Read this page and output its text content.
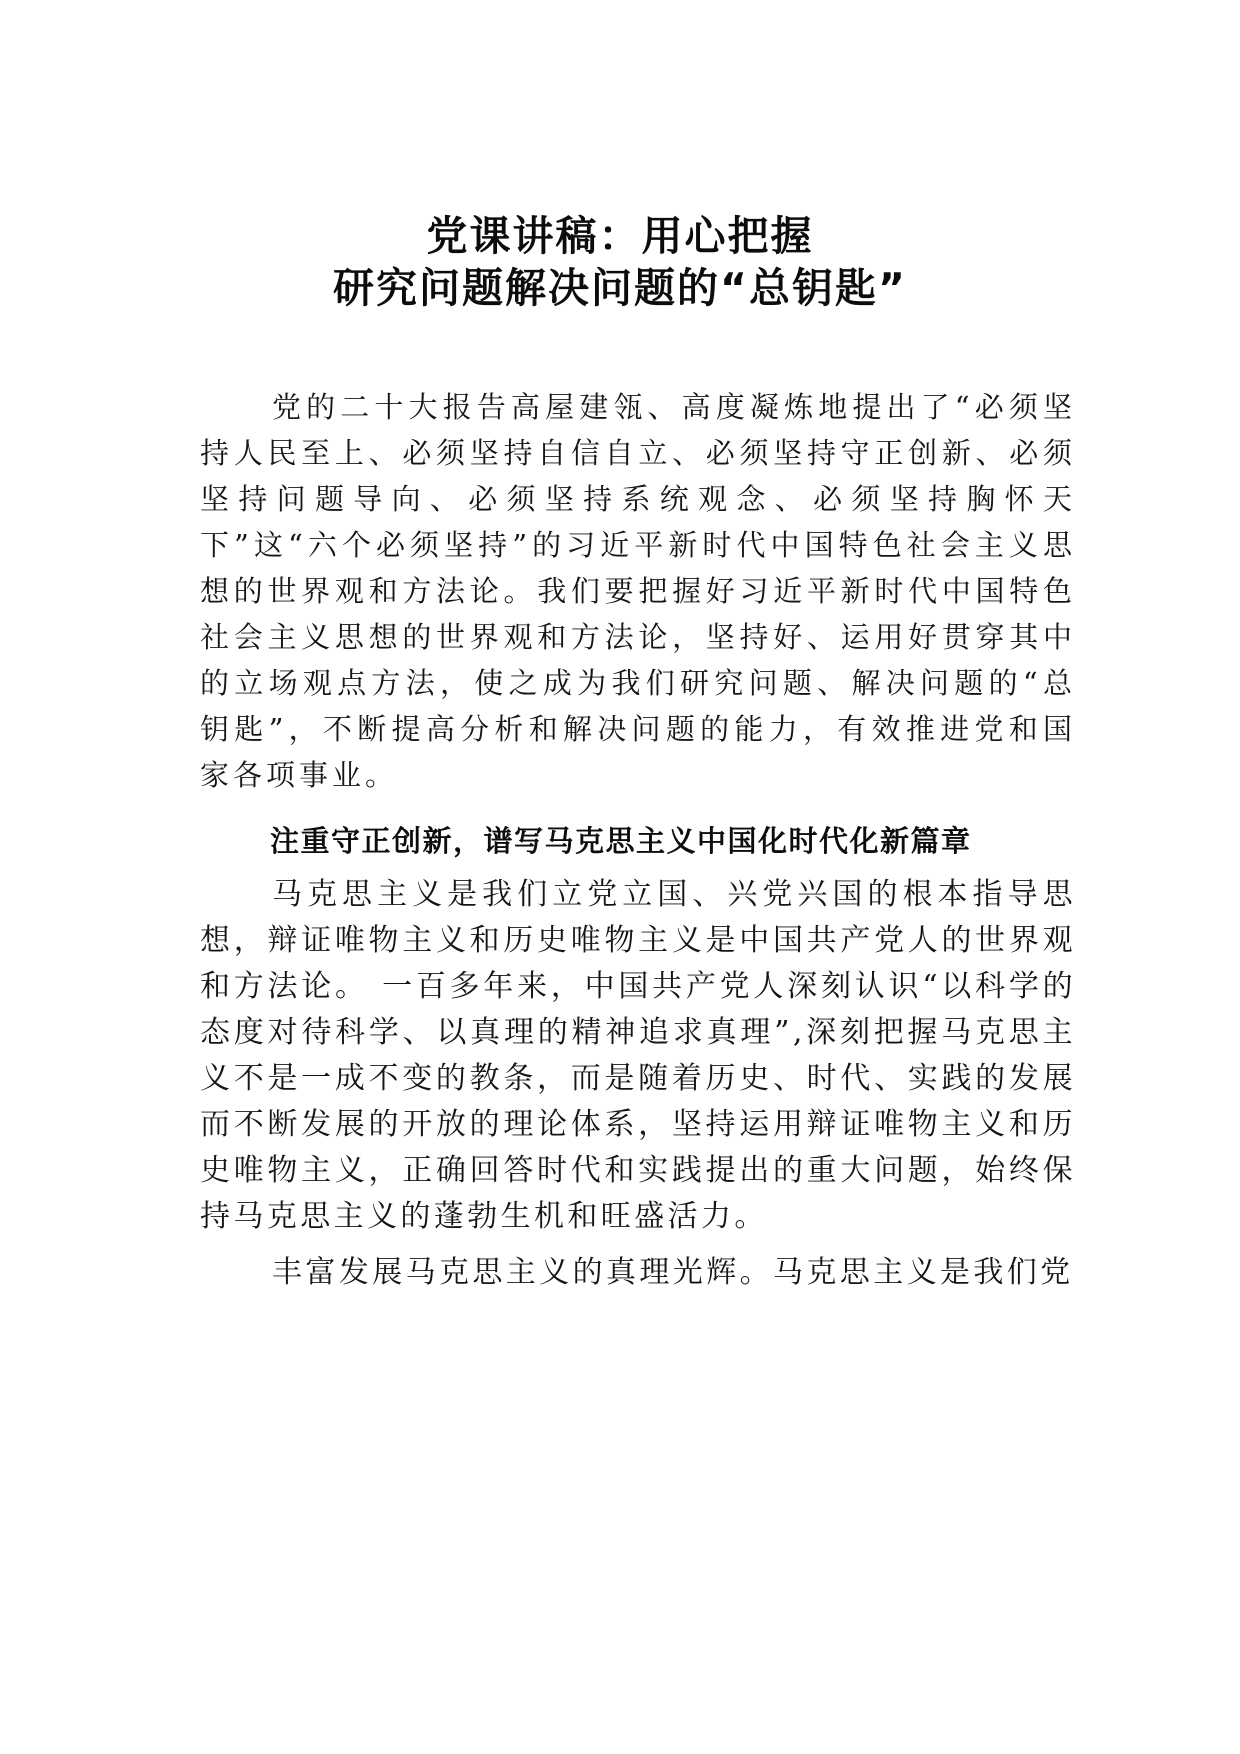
党课讲稿：用心把握
研究问题解决问题的“总钥匙”

党的二十大报告高屋建瓴、高度凝炼地提出了“必须坚持人民至上、必须坚持自信自立、必须坚持守正创新、必须坚持问题导向、必须坚持系统观念、必须坚持胸怀天下”这“六个必须坚持”的习近平新时代中国特色社会主义思想的世界观和方法论。我们要把握好习近平新时代中国特色社会主义思想的世界观和方法论，坚持好、运用好贯穿其中的立场观点方法，使之成为我们研究问题、解决问题的“总钥匙”，不断提高分析和解决问题的能力，有效推进党和国家各项事业。

注重守正创新，谱写马克思主义中国化时代化新篇章

马克思主义是我们立党立国、兴党兴国的根本指导思想，辩证唯物主义和历史唯物主义是中国共产党人的世界观和方法论。 一百多年来，中国共产党人深刻认识“以科学的态度对待科学、以真理的精神追求真理”,深刻把握马克思主义不是一成不变的教条，而是随着历史、时代、实践的发展而不断发展的开放的理论体系，坚持运用辩证唯物主义和历史唯物主义，正确回答时代和实践提出的重大问题，始终保持马克思主义的蓬勃生机和旺盛活力。

丰富发展马克思主义的真理光辉。马克思主义是我们党
